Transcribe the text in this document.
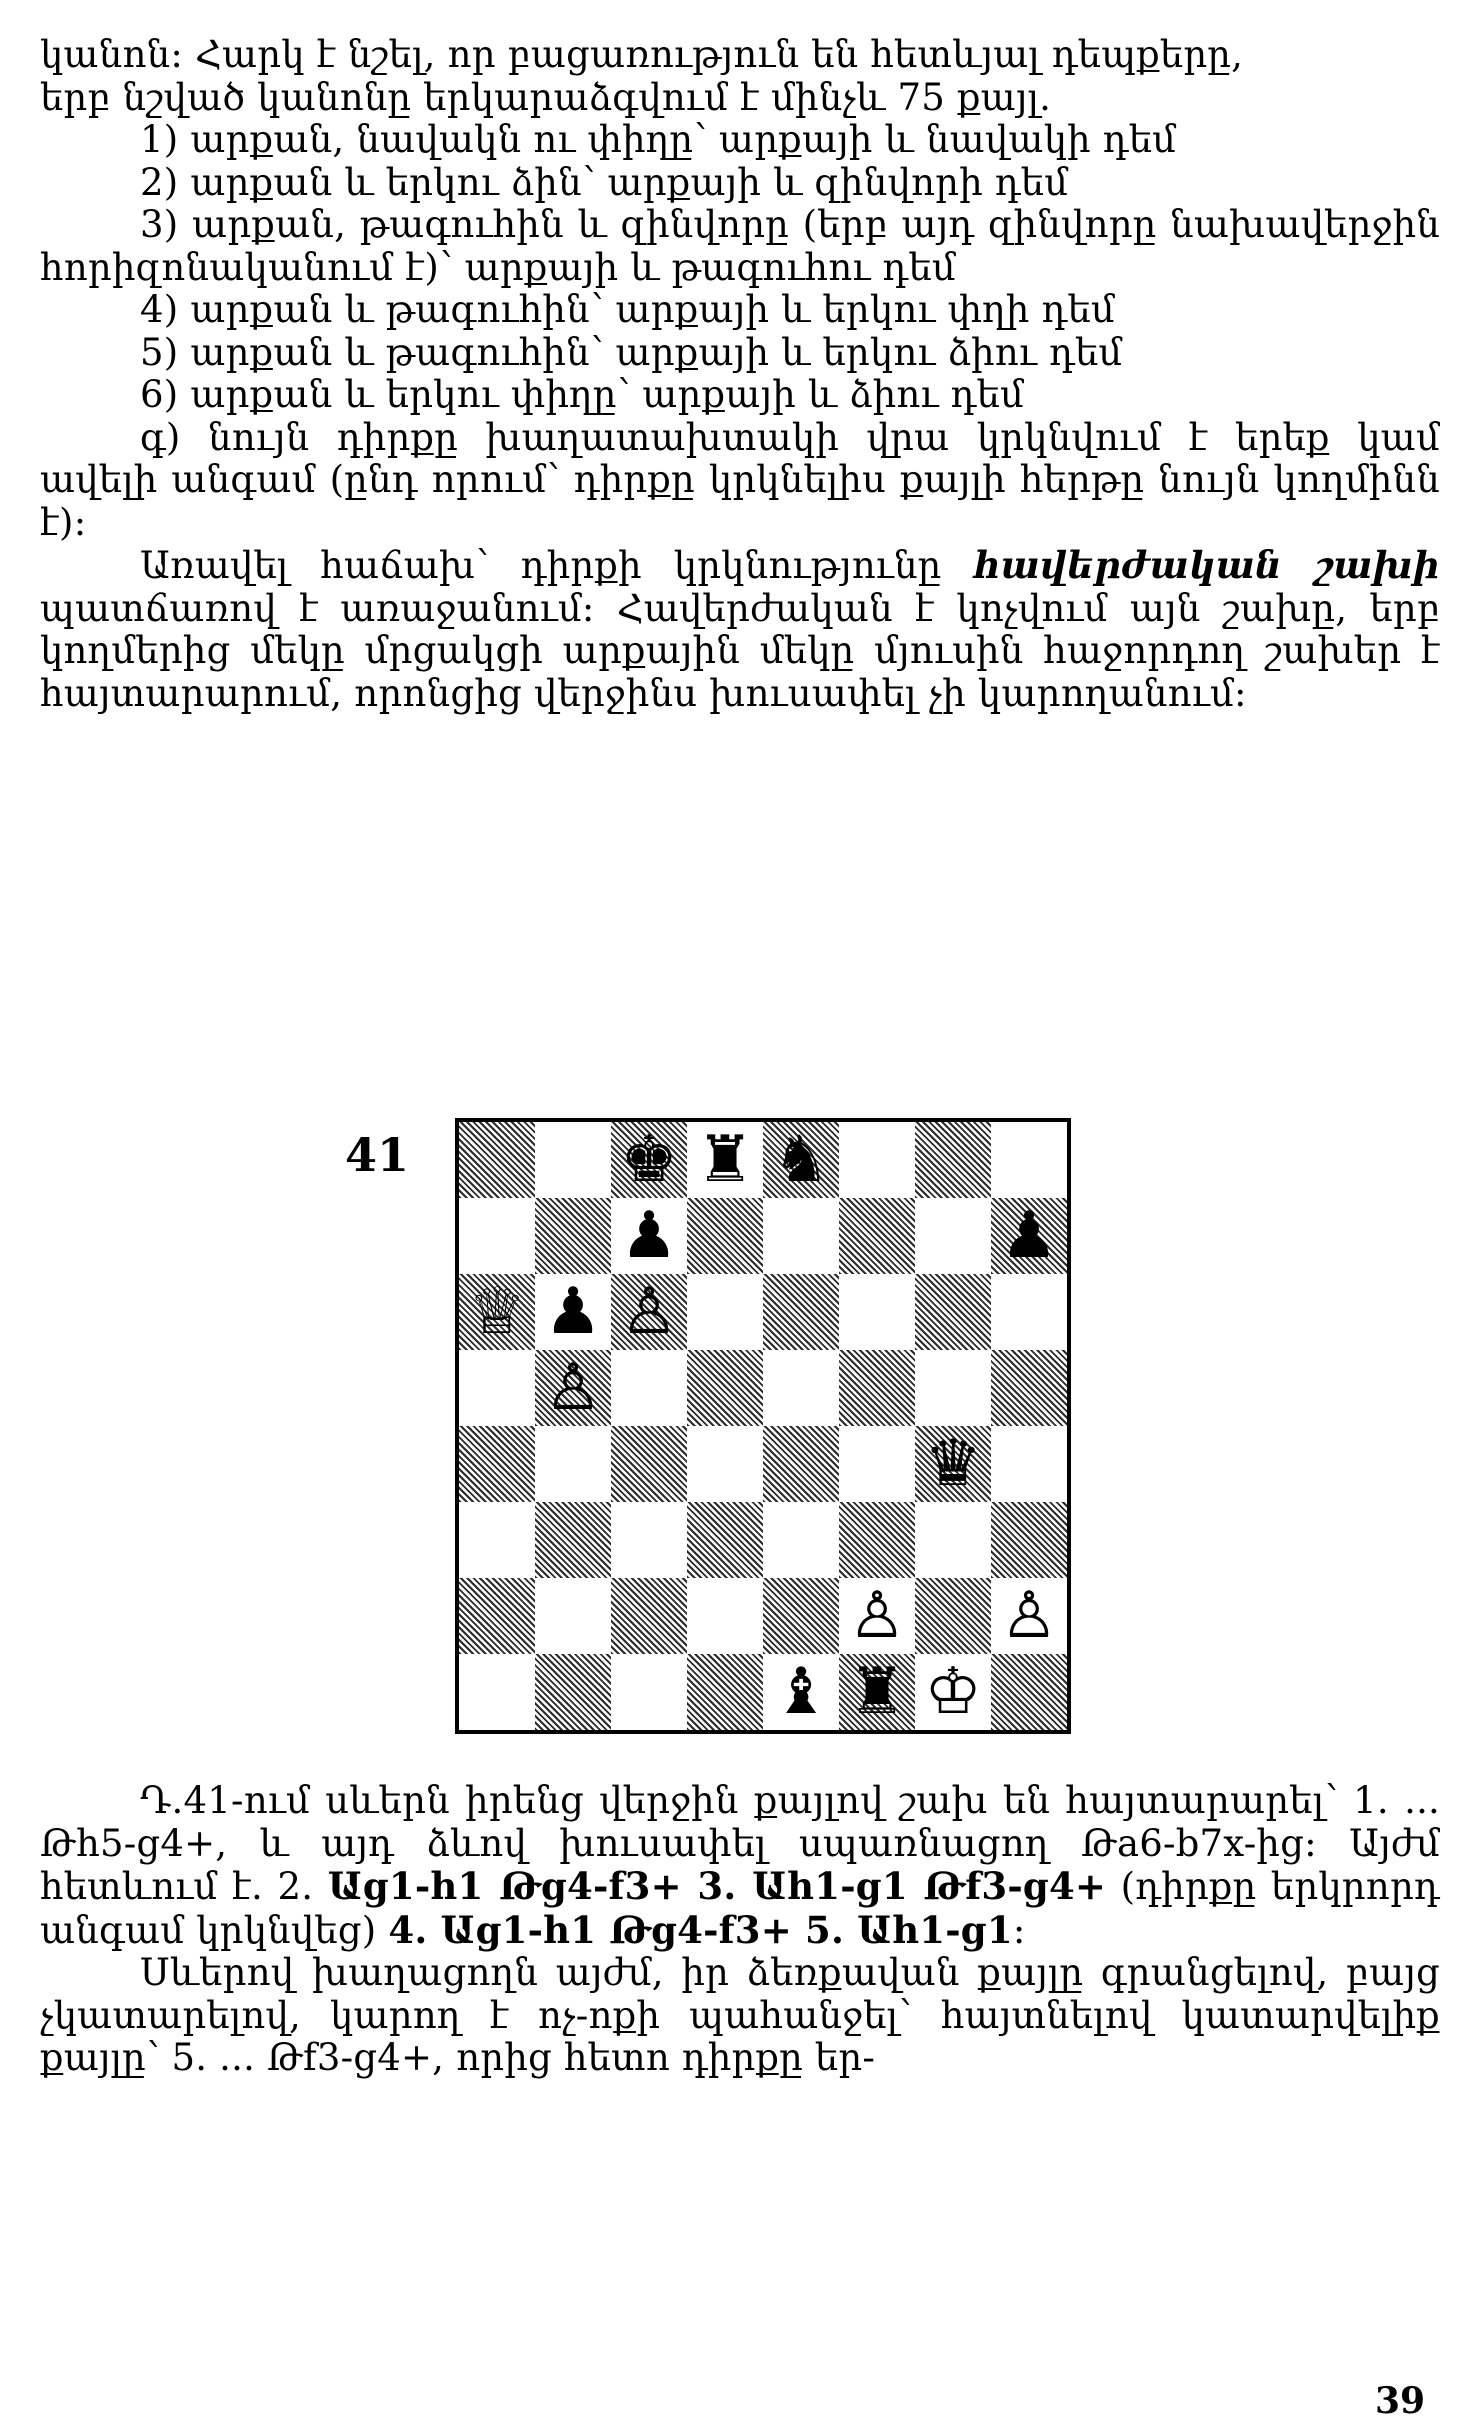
կանոն։ Հարկ է նշել, որ բացառություն են հետևյալ դեպքերը,

երբ նշված կանոնը երկարաձգվում է մինչև 75 քայլ.

1) արքան, նավակն ու փիղը՝ արքայի և նավակի դեմ

2) արքան և երկու ձին՝ արքայի և զինվորի դեմ

3) արքան, թագուհին և զինվորը (երբ այդ զինվորը նախավերջին հորիզոնականում է)՝ արքայի և թագուհու դեմ

4) արքան և թագուհին՝ արքայի և երկու փղի դեմ

5) արքան և թագուհին՝ արքայի և երկու ձիու դեմ

6) արքան և երկու փիղը՝ արքայի և ձիու դեմ

գ) նույն դիրքը խաղատախտակի վրա կրկնվում է երեք կամ ավելի անգամ (ընդ որում՝ դիրքը կրկնելիս քայլի հերթը նույն կողմինն է)։

Առավել հաճախ՝ դիրքի կրկնությունը հավերժական շախի պատճառով է առաջանում։ Հավերժական է կոչվում այն շախը, երբ կողմերից մեկը մրցակցի արքային մեկը մյուսին հաջորդող շախեր է հայտարարում, որոնցից վերջինս խուսափել չի կարողանում։

41	♚ ♜ ♞
♟	♟
♕ ♟ ♙
♙
♛
♙ ♙
♝ ♜ ♔

Դ.41-ում սևերն իրենց վերջին քայլով շախ են հայտարարել՝ 1. ... Թh5-g4+, և այդ ձևով խուսափել սպառնացող Թa6-b7x-ից։ Այժմ հետևում է. 2. Աg1-h1 Թg4-f3+ 3. Աh1-g1 Թf3-g4+ (դիրքը երկրորդ անգամ կրկնվեց) 4. Աg1-h1 Թg4-f3+ 5. Աh1-g1։

Սևերով խաղացողն այժմ, իր ձեռքավան քայլը գրանցելով, բայց չկատարելով, կարող է ոչ-ոքի պահանջել՝ հայտնելով կատարվելիք քայլը՝ 5. ... Թf3-g4+, որից հետո դիրքը եր-

39
